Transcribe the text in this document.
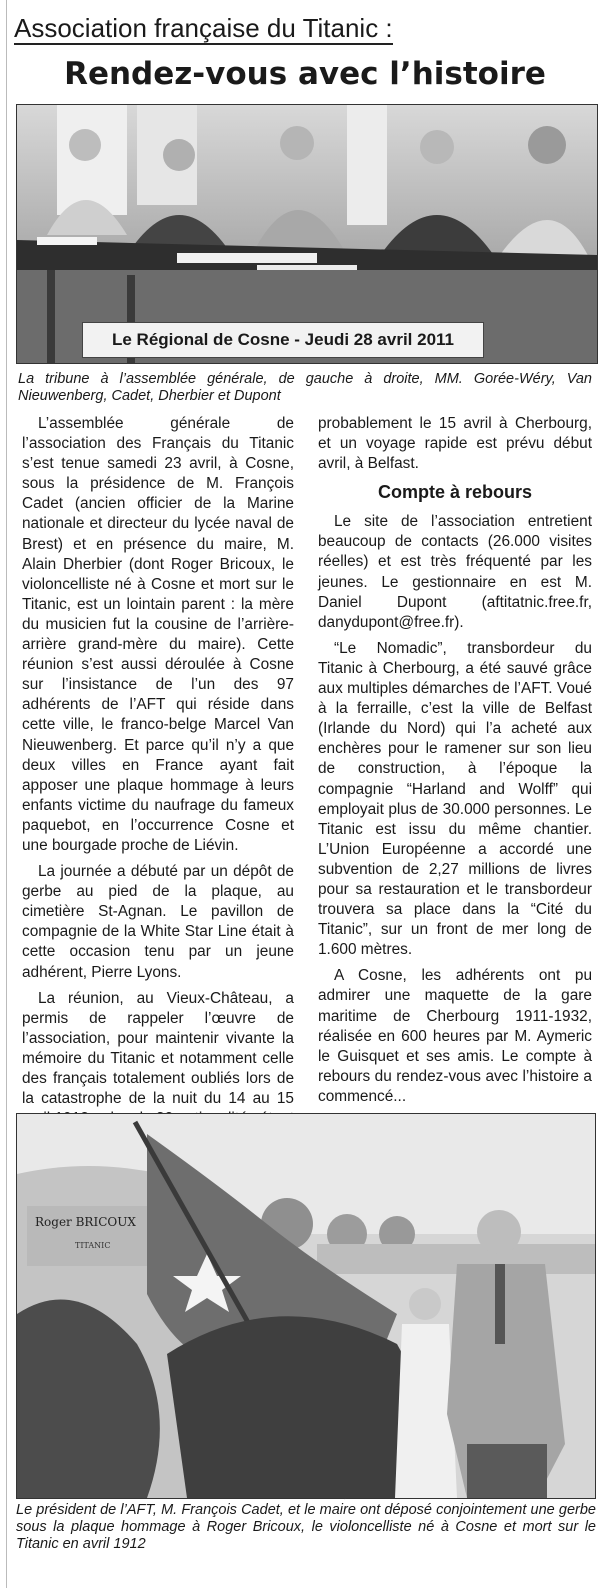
Association française du Titanic :
Rendez-vous avec l’histoire
Le Régional de Cosne - Jeudi 28 avril 2011
La tribune à l’assemblée générale, de gauche à droite, MM. Gorée-Wéry, Van Nieuwenberg, Cadet, Dherbier et Dupont

L’assemblée générale de l’association des Français du Titanic s’est tenue samedi 23 avril, à Cosne, sous la présidence de M. François Cadet (ancien officier de la Marine nationale et directeur du lycée naval de Brest) et en présence du maire, M. Alain Dherbier (dont Roger Bricoux, le violoncelliste né à Cosne et mort sur le Titanic, est un lointain parent : la mère du musicien fut la cousine de l’arrière-arrière grand-mère du maire). Cette réunion s’est aussi déroulée à Cosne sur l’insistance de l’un des 97 adhérents de l’AFT qui réside dans cette ville, le franco-belge Marcel Van Nieuwenberg. Et parce qu’il n’y a que deux villes en France ayant fait apposer une plaque hommage à leurs enfants victime du naufrage du fameux paquebot, en l’occurrence Cosne et une bourgade proche de Liévin.

La journée a débuté par un dépôt de gerbe au pied de la plaque, au cimetière St-Agnan. Le pavillon de compagnie de la White Star Line était à cette occasion tenu par un jeune adhérent, Pierre Lyons.

La réunion, au Vieux-Château, a permis de rappeler l’œuvre de l’association, pour maintenir vivante la mémoire du Titanic et notamment celle des français totalement oubliés lors de la catastrophe de la nuit du 14 au 15

probablement le 15 avril à Cherbourg, et un voyage rapide est prévu début avril, à Belfast.

Compte à rebours

Le site de l’association entretient beaucoup de contacts (26.000 visites réelles) et est très fréquenté par les jeunes. Le gestionnaire en est M. Daniel Dupont (aftitatnic.free.fr, danydupont@free.fr).

“Le Nomadic”, transbordeur du Titanic à Cherbourg, a été sauvé grâce aux multiples démarches de l’AFT. Voué à la ferraille, c’est la ville de Belfast (Irlande du Nord) qui l’a acheté aux enchères pour le ramener sur son lieu de construction, à l’époque la compagnie “Harland and Wolff” qui employait plus de 30.000 personnes. Le Titanic est issu du même chantier. L’Union Européenne a accordé une subvention de 2,27 millions de livres pour sa restauration et le transbordeur trouvera sa place dans la “Cité du Titanic”, sur un front de mer long de 1.600 mètres.

A Cosne, les adhérents ont pu admirer une maquette de la gare maritime de Cherbourg 1911-1932, réalisée en 600 heures par M. Aymeric le Guisquet et ses amis. Le compte à rebours du rendez-vous avec l’histoire a commencé...

Roger BRICOUX
TITANIC
Le président de l’AFT, M. François Cadet, et le maire ont déposé conjointement une gerbe sous la plaque hommage à Roger Bricoux, le violoncelliste né à Cosne et mort sur le Titanic en avril 1912
